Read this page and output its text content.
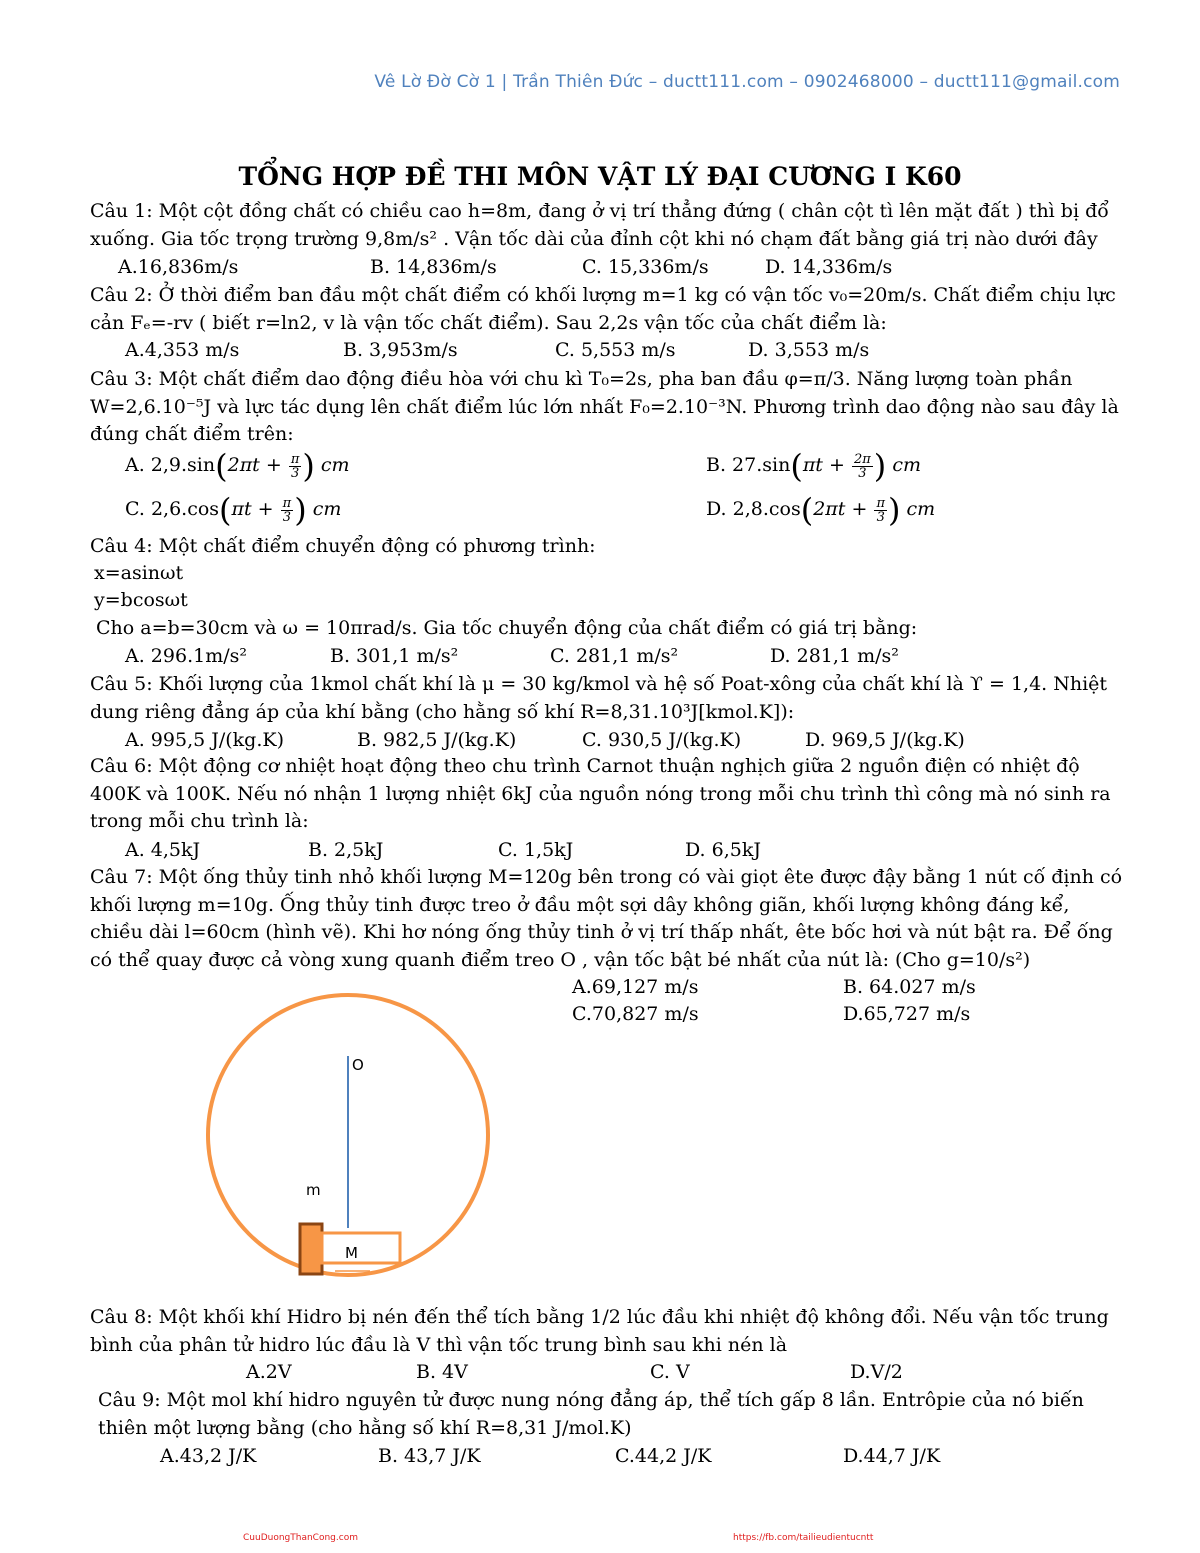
Vê Lờ Đờ Cờ 1 | Trần Thiên Đức – ductt111.com – 0902468000 – ductt111@gmail.com
TỔNG HỢP ĐỀ THI MÔN VẬT LÝ ĐẠI CƯƠNG I K60
Câu 1: Một cột đồng chất có chiều cao h=8m, đang ở vị trí thẳng đứng ( chân cột tì lên mặt đất ) thì bị đổ xuống. Gia tốc trọng trường 9,8m/s² . Vận tốc dài của đỉnh cột khi nó chạm đất bằng giá trị nào dưới đây
A.16,836m/s	B. 14,836m/s	C. 15,336m/s	D. 14,336m/s
Câu 2: Ở thời điểm ban đầu một chất điểm có khối lượng m=1 kg có vận tốc v₀=20m/s. Chất điểm chịu lực cản Fₑ=-rv ( biết r=ln2, v là vận tốc chất điểm). Sau 2,2s vận tốc của chất điểm là:
A.4,353 m/s	B. 3,953m/s	C. 5,553 m/s	D. 3,553 m/s
Câu 3: Một chất điểm dao động điều hòa với chu kì T₀=2s, pha ban đầu φ=π/3. Năng lượng toàn phần W=2,6.10⁻⁵J và lực tác dụng lên chất điểm lúc lớn nhất F₀=2.10⁻³N. Phương trình dao động nào sau đây là đúng chất điểm trên:
A. $2,9.\sin(2\pi t + \frac{\pi}{3}$ ) cm	B. $27.\sin(\pi t + \frac{2\pi}{3}$ ) cm
C. $2,6.\cos(\pi t + \frac{\pi}{3}$ ) cm	D. $2,8.\cos(2\pi t + \frac{\pi}{3}$ ) cm
Câu 4: Một chất điểm chuyển động có phương trình:
x=asinωt
y=bcosωt
Cho a=b=30cm và ω = 10πrad/s. Gia tốc chuyển động của chất điểm có giá trị bằng:
A. 296.1m/s²	B. 301,1 m/s²	C. 281,1 m/s²	D. 281,1 m/s²
Câu 5: Khối lượng của 1kmol chất khí là μ = 30 kg/kmol và hệ số Poat-xông của chất khí là ϒ = 1,4. Nhiệt dung riêng đẳng áp của khí bằng (cho hằng số khí R=8,31.10³J[kmol.K]):
A. 995,5 J/(kg.K)	B. 982,5 J/(kg.K)	C. 930,5 J/(kg.K)	D. 969,5 J/(kg.K)
Câu 6: Một động cơ nhiệt hoạt động theo chu trình Carnot thuận nghịch giữa 2 nguồn điện có nhiệt độ 400K và 100K. Nếu nó nhận 1 lượng nhiệt 6kJ của nguồn nóng trong mỗi chu trình thì công mà nó sinh ra trong mỗi chu trình là:
A. 4,5kJ	B. 2,5kJ	C. 1,5kJ	D. 6,5kJ
Câu 7: Một ống thủy tinh nhỏ khối lượng M=120g bên trong có vài giọt ête được đậy bằng 1 nút cố định có khối lượng m=10g. Ống thủy tinh được treo ở đầu một sợi dây không giãn, khối lượng không đáng kể, chiều dài l=60cm (hình vẽ). Khi hơ nóng ống thủy tinh ở vị trí thấp nhất, ête bốc hơi và nút bật ra. Để ống có thể quay được cả vòng xung quanh điểm treo O , vận tốc bật bé nhất của nút là: (Cho g=10/s²)
A.69,127 m/s	B. 64.027 m/s
C.70,827 m/s	D.65,727 m/s
O
m
M
Câu 8: Một khối khí Hidro bị nén đến thể tích bằng 1/2 lúc đầu khi nhiệt độ không đổi. Nếu vận tốc trung bình của phân tử hidro lúc đầu là V thì vận tốc trung bình sau khi nén là
A.2V	B. 4V	C. V	D.V/2
Câu 9: Một mol khí hidro nguyên tử được nung nóng đẳng áp, thể tích gấp 8 lần. Entrôpie của nó biến thiên một lượng bằng (cho hằng số khí R=8,31 J/mol.K)
A.43,2 J/K	B. 43,7 J/K	C.44,2 J/K	D.44,7 J/K
CuuDuongThanCong.com	https://fb.com/tailieudientucntt
